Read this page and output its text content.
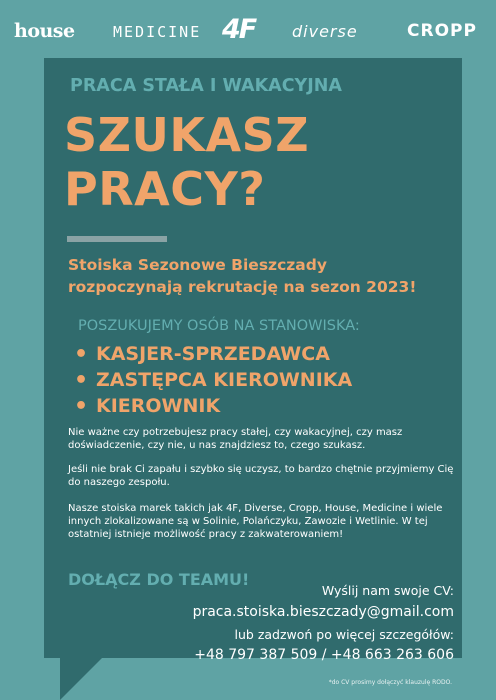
house	MEDICINE 4F diverse	CROPP
PRACA STAŁA I WAKACYJNA
SZUKASZ
PRACY?
Stoiska Sezonowe Bieszczady
rozpoczynają rekrutację na sezon 2023!
POSZUKUJEMY OSÓB NA STANOWISKA:
• KASJER-SPRZEDAWCA
• ZASTĘPCA KIEROWNIKA
• KIEROWNIK
Nie ważne czy potrzebujesz pracy stałej, czy wakacyjnej, czy masz doświadczenie, czy nie, u nas znajdziesz to, czego szukasz.
Jeśli nie brak Ci zapału i szybko się uczysz, to bardzo chętnie przyjmiemy Cię do naszego zespołu.
Nasze stoiska marek takich jak 4F, Diverse, Cropp, House, Medicine i wiele innych zlokalizowane są w Solinie, Polańczyku, Zawozie i Wetlinie. W tej ostatniej istnieje możliwość pracy z zakwaterowaniem!
DOŁĄCZ DO TEAMU!
Wyślij nam swoje CV:
praca.stoiska.bieszczady@gmail.com
lub zadzwoń po więcej szczegółów:
+48 797 387 509 / +48 663 263 606
*do CV prosimy dołączyć klauzulę RODO.
